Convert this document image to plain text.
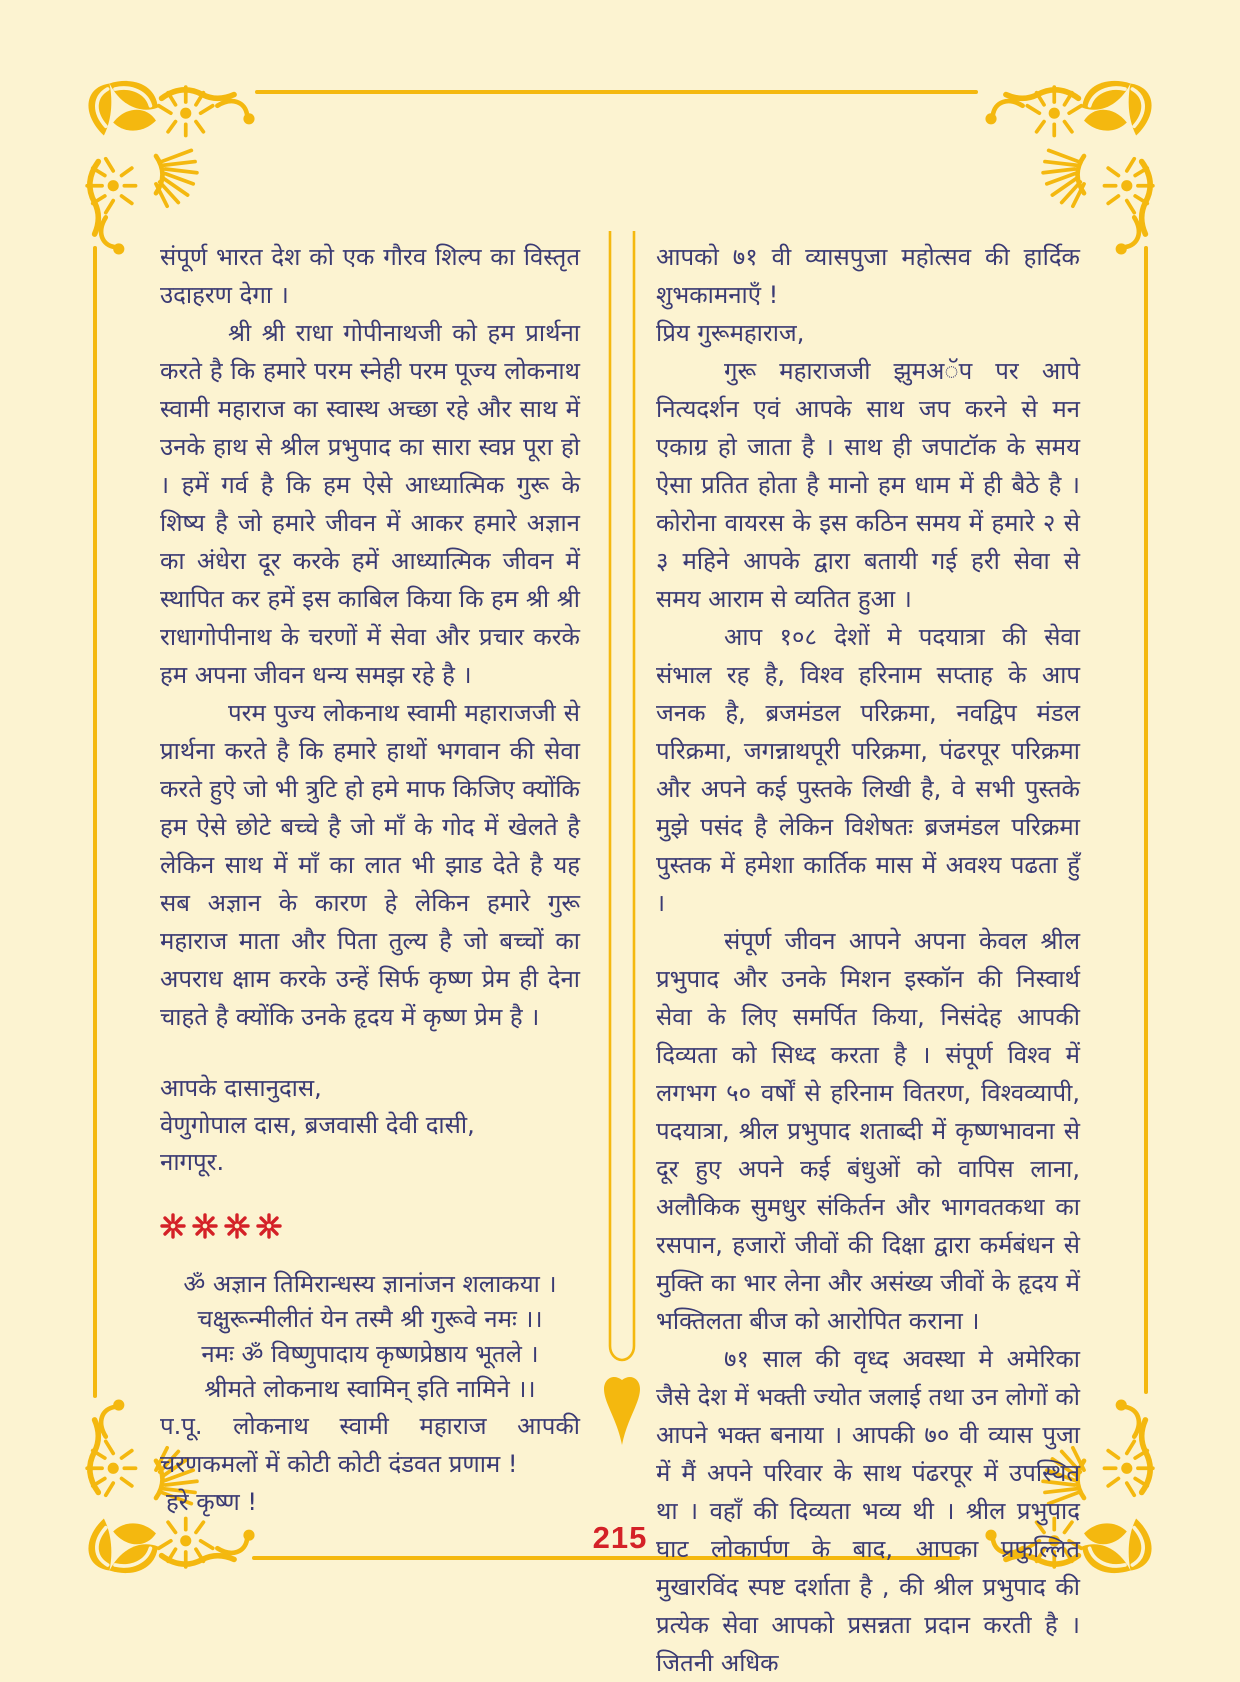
संपूर्ण भारत देश को एक गौरव शिल्प का विस्तृत उदाहरण देगा ।

श्री श्री राधा गोपीनाथजी को हम प्रार्थना करते है कि हमारे परम स्नेही परम पूज्य लोकनाथ स्वामी महाराज का स्वास्थ अच्छा रहे और साथ में उनके हाथ से श्रील प्रभुपाद का सारा स्वप्न पूरा हो । हमें गर्व है कि हम ऐसे आध्यात्मिक गुरू के शिष्य है जो हमारे जीवन में आकर हमारे अज्ञान का अंधेरा दूर करके हमें आध्यात्मिक जीवन में स्थापित कर हमें इस काबिल किया कि हम श्री श्री राधागोपीनाथ के चरणों में सेवा और प्रचार करके हम अपना जीवन धन्य समझ रहे है ।

परम पुज्य लोकनाथ स्वामी महाराजजी से प्रार्थना करते है कि हमारे हाथों भगवान की सेवा करते हुऐ जो भी त्रुटि हो हमे माफ किजिए क्योंकि हम ऐसे छोटे बच्चे है जो माँ के गोद में खेलते है लेकिन साथ में माँ का लात भी झाड देते है यह सब अज्ञान के कारण हे लेकिन हमारे गुरू महाराज माता और पिता तुल्य है जो बच्चों का अपराध क्षाम करके उन्हें सिर्फ कृष्ण प्रेम ही देना चाहते है क्योंकि उनके हृदय में कृष्ण प्रेम है ।

आपके दासानुदास,
वेणुगोपाल दास, ब्रजवासी देवी दासी,
नागपूर.
ॐ अज्ञान तिमिरान्धस्य ज्ञानांजन शलाकया ।
चक्षुरून्मीलीतं येन तस्मै श्री गुरूवे नमः ।।
नमः ॐ विष्णुपादाय कृष्णप्रेष्ठाय भूतले ।
श्रीमते लोकनाथ स्वामिन् इति नामिने ।।

प.पू. लोकनाथ स्वामी महाराज आपकी चरणकमलों में कोटी कोटी दंडवत प्रणाम !

हरे कृष्ण !

आपको ७१ वी व्यासपुजा महोत्सव की हार्दिक शुभकामनाएँ !

प्रिय गुरूमहाराज,

गुरू महाराजजी झुमअॅप पर आपे नित्यदर्शन एवं आपके साथ जप करने से मन एकाग्र हो जाता है । साथ ही जपाटॉक के समय ऐसा प्रतित होता है मानो हम धाम में ही बैठे है । कोरोना वायरस के इस कठिन समय में हमारे २ से ३ महिने आपके द्वारा बतायी गई हरी सेवा से समय आराम से व्यतित हुआ ।

आप १०८ देशों मे पदयात्रा की सेवा संभाल रह है, विश्व हरिनाम सप्ताह के आप जनक है, ब्रजमंडल परिक्रमा, नवद्विप मंडल परिक्रमा, जगन्नाथपूरी परिक्रमा, पंढरपूर परिक्रमा और अपने कई पुस्तके लिखी है, वे सभी पुस्तके मुझे पसंद है लेकिन विशेषतः ब्रजमंडल परिक्रमा पुस्तक में हमेशा कार्तिक मास में अवश्य पढता हुँ ।

संपूर्ण जीवन आपने अपना केवल श्रील प्रभुपाद और उनके मिशन इस्कॉन की निस्वार्थ सेवा के लिए समर्पित किया, निसंदेह आपकी दिव्यता को सिध्द करता है । संपूर्ण विश्व में लगभग ५० वर्षों से हरिनाम वितरण, विश्वव्यापी, पदयात्रा, श्रील प्रभुपाद शताब्दी में कृष्णभावना से दूर हुए अपने कई बंधुओं को वापिस लाना, अलौकिक सुमधुर संकिर्तन और भागवतकथा का रसपान, हजारों जीवों की दिक्षा द्वारा कर्मबंधन से मुक्ति का भार लेना और असंख्य जीवों के हृदय में भक्तिलता बीज को आरोपित कराना ।

७१ साल की वृध्द अवस्था मे अमेरिका जैसे देश में भक्ती ज्योत जलाई तथा उन लोगों को आपने भक्त बनाया । आपकी ७० वी व्यास पुजा में मैं अपने परिवार के साथ पंढरपूर में उपस्थित था । वहाँ की दिव्यता भव्य थी । श्रील प्रभुपाद घाट लोकार्पण के बाद, आपका प्रफुल्लित मुखारविंद स्पष्ट दर्शाता है , की श्रील प्रभुपाद की प्रत्येक सेवा आपको प्रसन्नता प्रदान करती है । जितनी अधिक

215
